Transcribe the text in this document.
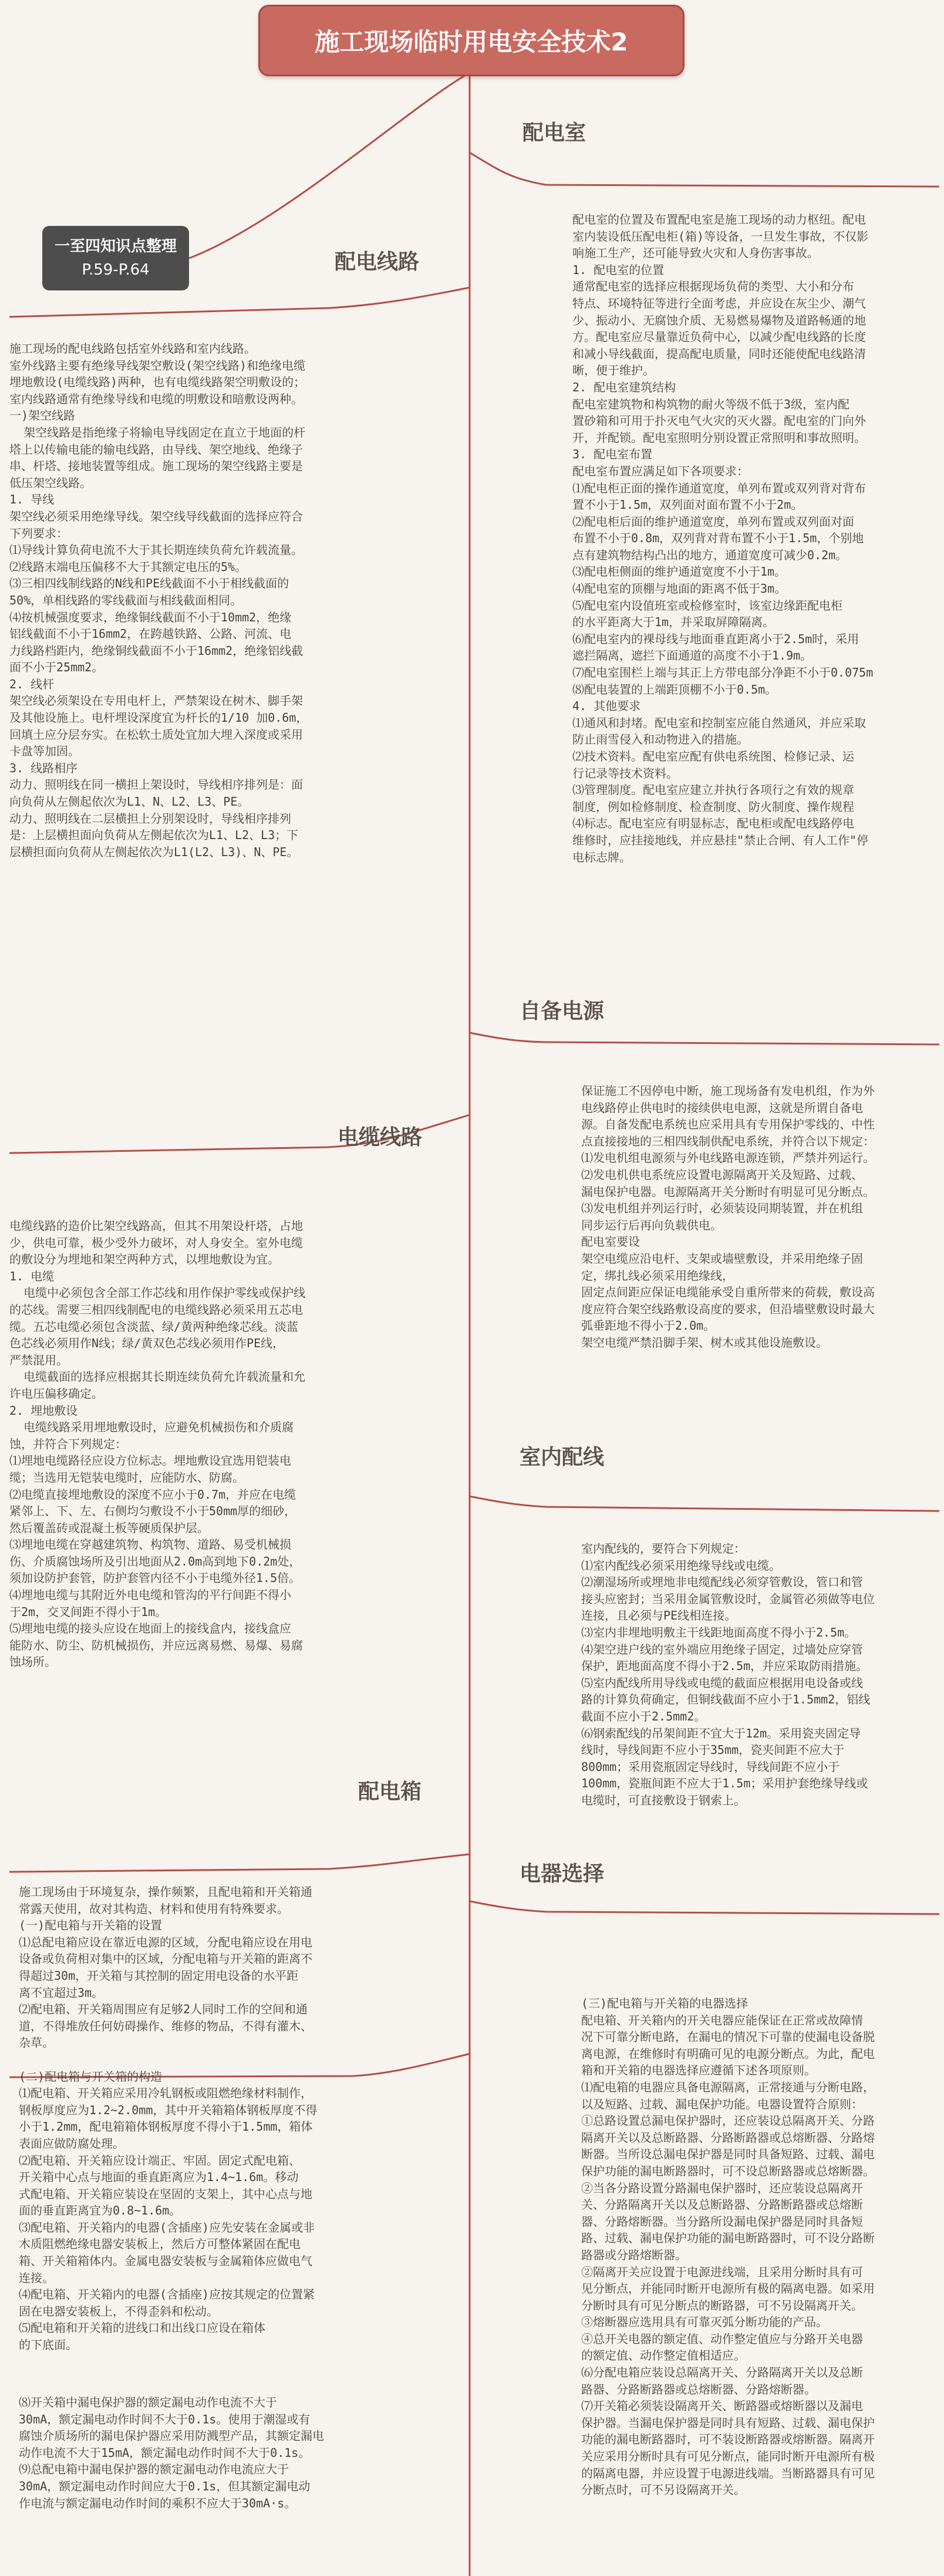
施工现场临时用电安全技术2
一至四知识点整理
P.59-P.64	配电线路
配电室
自备电源
电缆线路
室内配线
配电箱
电器选择
施工现场的配电线路包括室外线路和室内线路。
室外线路主要有绝缘导线架空敷设(架空线路)和绝缘电缆
埋地敷设(电缆线路)两种，也有电缆线路架空明敷设的；
室内线路通常有绝缘导线和电缆的明敷设和暗敷设两种。
一)架空线路
架空线路是指绝缘子将输电导线固定在直立于地面的杆
塔上以传输电能的输电线路，由导线、架空地线、绝缘子
串、杆塔、接地装置等组成。施工现场的架空线路主要是
低压架空线路。
1. 导线
架空线必须采用绝缘导线。架空线导线截面的选择应符合
下列要求：
⑴导线计算负荷电流不大于其长期连续负荷允许载流量。
⑵线路末端电压偏移不大于其额定电压的5%。
⑶三相四线制线路的N线和PE线截面不小于相线截面的
50%，单相线路的零线截面与相线截面相同。
⑷按机械强度要求，绝缘铜线截面不小于10mm2，绝缘
铝线截面不小于16mm2，在跨越铁路、公路、河流、电
力线路档距内，绝缘铜线截面不小于16mm2，绝缘铝线截
面不小于25mm2。
2. 线杆
架空线必须架设在专用电杆上，严禁架设在树木、脚手架
及其他设施上。电杆埋设深度宜为杆长的1/10 加0.6m，
回填土应分层夯实。在松软土质处宜加大埋入深度或采用
卡盘等加固。
3. 线路相序
动力、照明线在同一横担上架设时，导线相序排列是：面
向负荷从左侧起依次为L1、N、L2、L3、PE。
动力、照明线在二层横担上分别架设时，导线相序排列
是：上层横担面向负荷从左侧起依次为L1、L2、L3；下
层横担面向负荷从左侧起依次为L1(L2、L3)、N、PE。
配电室的位置及布置配电室是施工现场的动力枢纽。配电
室内装设低压配电柜(箱)等设备，一旦发生事故，不仅影
响施工生产，还可能导致火灾和人身伤害事故。
1. 配电室的位置
通常配电室的选择应根据现场负荷的类型、大小和分布
特点、环境特征等进行全面考虑，并应设在灰尘少、潮气
少、振动小、无腐蚀介质、无易燃易爆物及道路畅通的地
方。配电室应尽量靠近负荷中心，以减少配电线路的长度
和减小导线截面，提高配电质量，同时还能使配电线路清
晰，便于维护。
2. 配电室建筑结构
配电室建筑物和构筑物的耐火等级不低于3级，室内配
置砂箱和可用于扑灭电气火灾的灭火器。配电室的门向外
开，并配锁。配电室照明分别设置正常照明和事故照明。
3. 配电室布置
配电室布置应满足如下各项要求：
⑴配电柜正面的操作通道宽度，单列布置或双列背对背布
置不小于1.5m，双列面对面布置不小于2m。
⑵配电柜后面的维护通道宽度，单列布置或双列面对面
布置不小于0.8m，双列背对背布置不小于1.5m，个别地
点有建筑物结构凸出的地方，通道宽度可减少0.2m。
⑶配电柜侧面的维护通道宽度不小于1m。
⑷配电室的顶棚与地面的距离不低于3m。
⑸配电室内设值班室或检修室时，该室边缘距配电柜
的水平距离大于1m，并采取屏障隔离。
⑹配电室内的裸母线与地面垂直距离小于2.5m时，采用
遮拦隔离，遮拦下面通道的高度不小于1.9m。
⑺配电室围栏上端与其正上方带电部分净距不小于0.075m
⑻配电装置的上端距顶棚不小于0.5m。
4. 其他要求
⑴通风和封堵。配电室和控制室应能自然通风，并应采取
防止雨雪侵入和动物进入的措施。
⑵技术资料。配电室应配有供电系统图、检修记录、运
行记录等技术资料。
⑶管理制度。配电室应建立并执行各项行之有效的规章
制度，例如检修制度、检查制度、防火制度、操作规程
⑷标志。配电室应有明显标志，配电柜或配电线路停电
维修时，应挂接地线，并应悬挂"禁止合闸、有人工作"停
电标志牌。
保证施工不因停电中断，施工现场备有发电机组，作为外
电线路停止供电时的接续供电电源，这就是所谓自备电
源。自备发配电系统也应采用具有专用保护零线的、中性
点直接接地的三相四线制供配电系统，并符合以下规定：
⑴发电机组电源须与外电线路电源连锁，严禁并列运行。
⑵发电机供电系统应设置电源隔离开关及短路、过载、
漏电保护电器。电源隔离开关分断时有明显可见分断点。
⑶发电机组并列运行时，必须装设同期装置，并在机组
同步运行后再向负载供电。
配电室要设
架空电缆应沿电杆、支架或墙壁敷设，并采用绝缘子固
定，绑扎线必须采用绝缘线，
固定点间距应保证电缆能承受自重所带来的荷载，敷设高
度应符合架空线路敷设高度的要求，但沿墙壁敷设时最大
弧垂距地不得小于2.0m。
架空电缆严禁沿脚手架、树木或其他设施敷设。
电缆线路的造价比架空线路高，但其不用架设杆塔，占地
少，供电可靠，极少受外力破坏，对人身安全。室外电缆
的敷设分为埋地和架空两种方式，以埋地敷设为宜。
1. 电缆
电缆中必须包含全部工作芯线和用作保护零线或保护线
的芯线。需要三相四线制配电的电缆线路必须采用五芯电
缆。五芯电缆必须包含淡蓝、绿/黄两种绝缘芯线。淡蓝
色芯线必须用作N线；绿/黄双色芯线必须用作PE线，
严禁混用。
电缆截面的选择应根据其长期连续负荷允许载流量和允
许电压偏移确定。
2. 埋地敷设
电缆线路采用埋地敷设时，应避免机械损伤和介质腐
蚀，并符合下列规定：
⑴埋地电缆路径应设方位标志。埋地敷设宜选用铠装电
缆；当选用无铠装电缆时，应能防水、防腐。
⑵电缆直接埋地敷设的深度不应小于0.7m，并应在电缆
紧邻上、下、左、右侧均匀敷设不小于50mm厚的细砂，
然后覆盖砖或混凝土板等硬质保护层。
⑶埋地电缆在穿越建筑物、构筑物、道路、易受机械损
伤、介质腐蚀场所及引出地面从2.0m高到地下0.2m处，
须加设防护套管，防护套管内径不小于电缆外径1.5倍。
⑷埋地电缆与其附近外电电缆和管沟的平行间距不得小
于2m，交叉间距不得小于1m。
⑸埋地电缆的接头应设在地面上的接线盒内，接线盒应
能防水、防尘、防机械损伤，并应远离易燃、易爆、易腐
蚀场所。
室内配线的，要符合下列规定：
⑴室内配线必须采用绝缘导线或电缆。
⑵潮湿场所或埋地非电缆配线必须穿管敷设，管口和管
接头应密封；当采用金属管敷设时，金属管必须做等电位
连接，且必须与PE线相连接。
⑶室内非埋地明敷主干线距地面高度不得小于2.5m。
⑷架空进户线的室外端应用绝缘子固定，过墙处应穿管
保护，距地面高度不得小于2.5m，并应采取防雨措施。
⑸室内配线所用导线或电缆的截面应根据用电设备或线
路的计算负荷确定，但铜线截面不应小于1.5mm2，铝线
截面不应小于2.5mm2。
⑹钢索配线的吊架间距不宜大于12m。采用瓷夹固定导
线时，导线间距不应小于35mm，瓷夹间距不应大于
800mm；采用瓷瓶固定导线时，导线间距不应小于
100mm，瓷瓶间距不应大于1.5m；采用护套绝缘导线或
电缆时，可直接敷设于钢索上。
施工现场由于环境复杂，操作频繁，且配电箱和开关箱通
常露天使用，故对其构造、材料和使用有特殊要求。
(一)配电箱与开关箱的设置
⑴总配电箱应设在靠近电源的区域，分配电箱应设在用电
设备或负荷相对集中的区域，分配电箱与开关箱的距离不
得超过30m，开关箱与其控制的固定用电设备的水平距
离不宜超过3m。
⑵配电箱、开关箱周围应有足够2人同时工作的空间和通
道，不得堆放任何妨碍操作、维修的物品，不得有灌木、
杂草。

(二)配电箱与开关箱的构造
⑴配电箱、开关箱应采用冷轧钢板或阻燃绝缘材料制作，
钢板厚度应为1.2~2.0mm，其中开关箱箱体钢板厚度不得
小于1.2mm，配电箱箱体钢板厚度不得小于1.5mm，箱体
表面应做防腐处理。
⑵配电箱、开关箱应设计端正、牢固。固定式配电箱、
开关箱中心点与地面的垂直距离应为1.4~1.6m。移动
式配电箱、开关箱应装设在坚固的支架上，其中心点与地
面的垂直距离宜为0.8~1.6m。
⑶配电箱、开关箱内的电器(含插座)应先安装在金属或非
木质阻燃绝缘电器安装板上，然后方可整体紧固在配电
箱、开关箱箱体内。金属电器安装板与金属箱体应做电气
连接。
⑷配电箱、开关箱内的电器(含插座)应按其规定的位置紧
固在电器安装板上，不得歪斜和松动。
⑸配电箱和开关箱的进线口和出线口应设在箱体
的下底面。
⑻开关箱中漏电保护器的额定漏电动作电流不大于
30mA，额定漏电动作时间不大于0.1s。使用于潮湿或有
腐蚀介质场所的漏电保护器应采用防溅型产品，其额定漏电
动作电流不大于15mA，额定漏电动作时间不大于0.1s。
⑼总配电箱中漏电保护器的额定漏电动作电流应大于
30mA，额定漏电动作时间应大于0.1s，但其额定漏电动
作电流与额定漏电动作时间的乘积不应大于30mA·s。
(三)配电箱与开关箱的电器选择
配电箱、开关箱内的开关电器应能保证在正常或故障情
况下可靠分断电路，在漏电的情况下可靠的使漏电设备脱
离电源，在维修时有明确可见的电源分断点。为此，配电
箱和开关箱的电器选择应遵循下述各项原则。
⑴配电箱的电器应具备电源隔离，正常接通与分断电路，
以及短路、过载、漏电保护功能。电器设置符合原则：
①总路设置总漏电保护器时，还应装设总隔离开关、分路
隔离开关以及总断路器、分路断路器或总熔断器、分路熔
断器。当所设总漏电保护器是同时具备短路、过载、漏电
保护功能的漏电断路器时，可不设总断路器或总熔断器。
②当各分路设置分路漏电保护器时，还应装设总隔离开
关、分路隔离开关以及总断路器、分路断路器或总熔断
器、分路熔断器。当分路所设漏电保护器是同时具备短
路、过载、漏电保护功能的漏电断路器时，可不设分路断
路器或分路熔断器。
②隔离开关应设置于电源进线端，且采用分断时具有可
见分断点，并能同时断开电源所有极的隔离电器。如采用
分断时具有可见分断点的断路器，可不另设隔离开关。
③熔断器应选用具有可靠灭弧分断功能的产品。
④总开关电器的额定值、动作整定值应与分路开关电器
的额定值、动作整定值相适应。
⑹分配电箱应装设总隔离开关、分路隔离开关以及总断
路器、分路断路器或总熔断器、分路熔断器。
⑺开关箱必须装设隔离开关、断路器或熔断器以及漏电
保护器。当漏电保护器是同时具有短路、过载、漏电保护
功能的漏电断路器时，可不装设断路器或熔断器。隔离开
关应采用分断时具有可见分断点，能同时断开电源所有极
的隔离电器，并应设置于电源进线端。当断路器具有可见
分断点时，可不另设隔离开关。
